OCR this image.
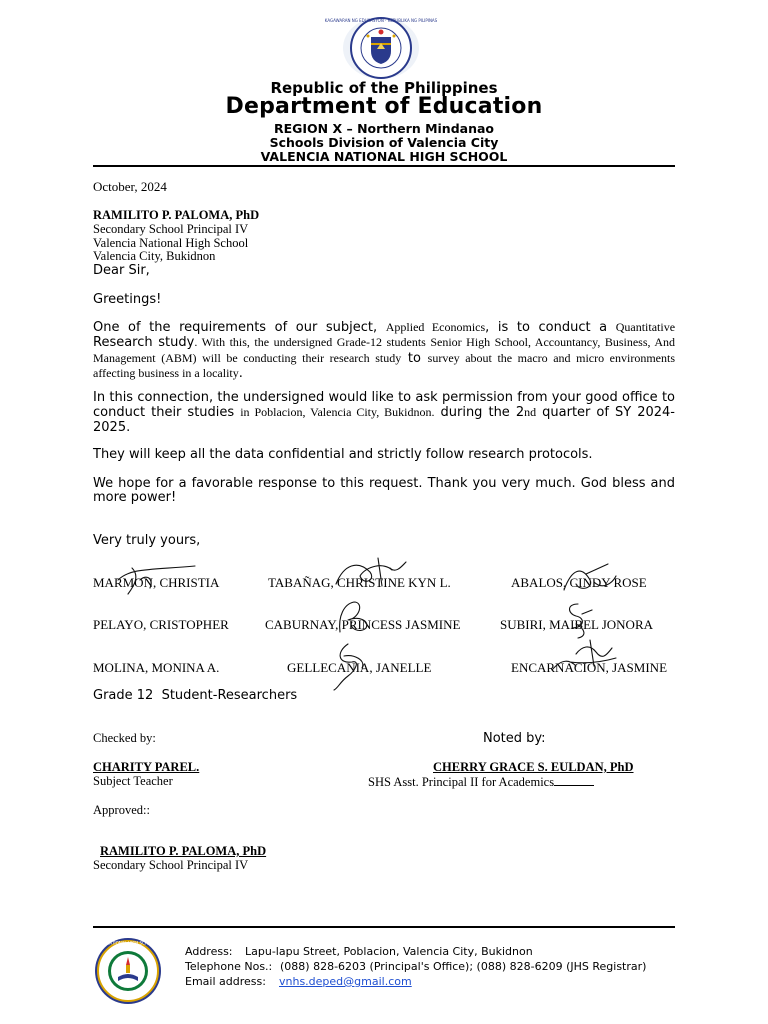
KAGAWARAN NG EDUKASYON · REPUBLIKA NG PILIPINAS
Republic of the Philippines
Department of Education
REGION X – Northern Mindanao
Schools Division of Valencia City
VALENCIA NATIONAL HIGH SCHOOL
October, 2024
RAMILITO P. PALOMA, PhD
Secondary School Principal IV
Valencia National High School
Valencia City, Bukidnon
Dear Sir,
Greetings!
One of the requirements of our subject, Applied Economics, is to conduct a Quantitative Research study. With this, the undersigned Grade-12 students Senior High School, Accountancy, Business, And Management (ABM) will be conducting their research study to survey about the macro and micro environments affecting business in a locality.
In this connection, the undersigned would like to ask permission from your good office to conduct their studies in Poblacion, Valencia City, Bukidnon. during the 2nd quarter of SY 2024-2025.
They will keep all the data confidential and strictly follow research protocols.
We hope for a favorable response to this request. Thank you very much. God bless and more power!
Very truly yours,
MARMON, CHRISTIA	TABAÑAG, CHRISTINE KYN L.	ABALOS, CINDY ROSE
PELAYO, CRISTOPHER	CABURNAY, PRINCESS JASMINE	SUBIRI, MAIBEL JONORA
MOLINA, MONINA A.	GELLECANIA, JANELLE	ENCARNACION, JASMINE
Grade 12  Student-Researchers
Checked by:	Noted by:
CHARITY PAREL.
Subject Teacher
CHERRY GRACE S. EULDAN, PhD
SHS Asst. Principal II for Academics
Approved::
RAMILITO P. PALOMA, PhD
Secondary School Principal IV
VALENCIA NATIONAL HIGH SCHOOL · 1970
Address: Lapu-lapu Street, Poblacion, Valencia City, Bukidnon
Telephone Nos.: (088) 828-6203 (Principal's Office); (088) 828-6209 (JHS Registrar)
Email address: vnhs.deped@gmail.com
